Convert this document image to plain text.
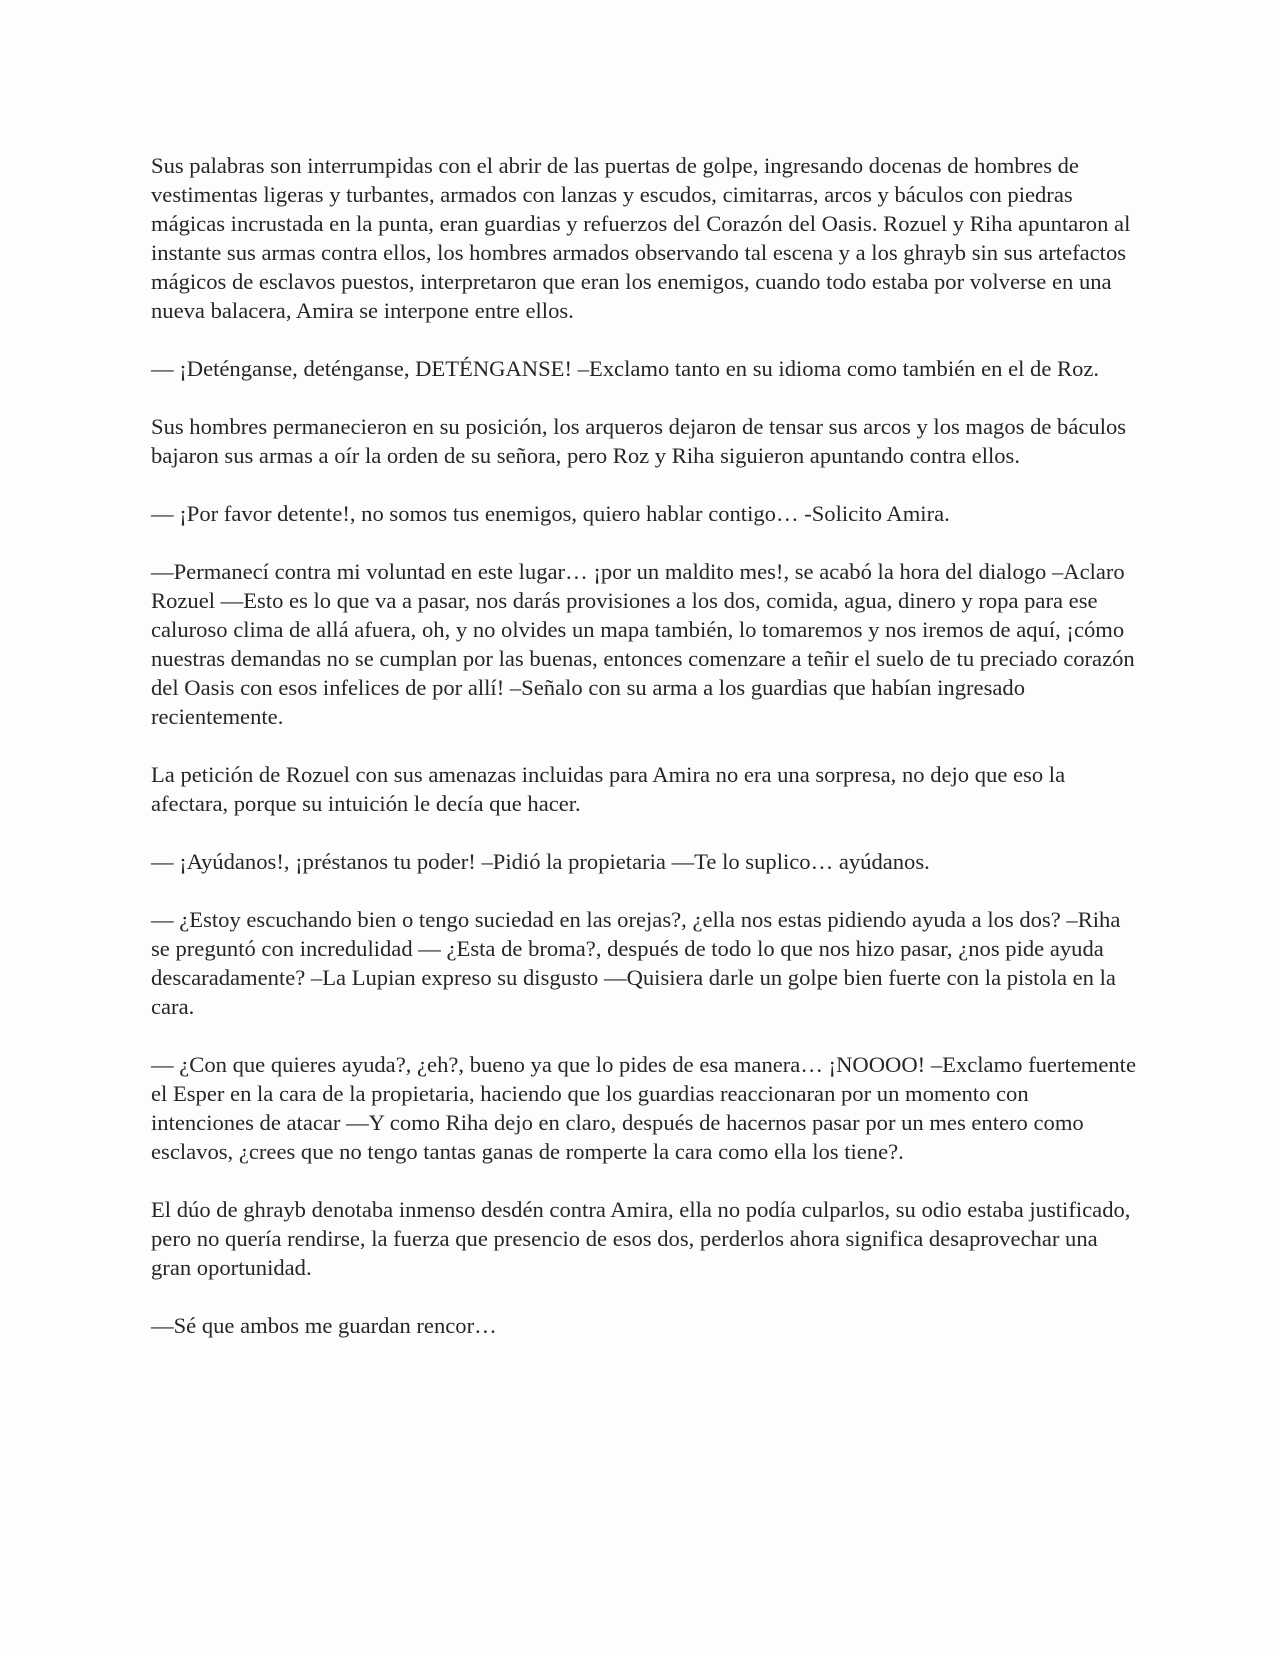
Sus palabras son interrumpidas con el abrir de las puertas de golpe, ingresando docenas de hombres de vestimentas ligeras y turbantes, armados con lanzas y escudos, cimitarras, arcos y báculos con piedras mágicas incrustada en la punta, eran guardias y refuerzos del Corazón del Oasis. Rozuel y Riha apuntaron al instante sus armas contra ellos, los hombres armados observando tal escena y a los ghrayb sin sus artefactos mágicos de esclavos puestos, interpretaron que eran los enemigos, cuando todo estaba por volverse en una nueva balacera, Amira se interpone entre ellos.

— ¡Deténganse, deténganse, DETÉNGANSE! –Exclamo tanto en su idioma como también en el de Roz.

Sus hombres permanecieron en su posición, los arqueros dejaron de tensar sus arcos y los magos de báculos bajaron sus armas a oír la orden de su señora, pero Roz y Riha siguieron apuntando contra ellos.

— ¡Por favor detente!, no somos tus enemigos, quiero hablar contigo… -Solicito Amira.

—Permanecí contra mi voluntad en este lugar… ¡por un maldito mes!, se acabó la hora del dialogo –Aclaro Rozuel —Esto es lo que va a pasar, nos darás provisiones a los dos, comida, agua, dinero y ropa para ese caluroso clima de allá afuera, oh, y no olvides un mapa también, lo tomaremos y nos iremos de aquí, ¡cómo nuestras demandas no se cumplan por las buenas, entonces comenzare a teñir el suelo de tu preciado corazón del Oasis con esos infelices de por allí! –Señalo con su arma a los guardias que habían ingresado recientemente.

La petición de Rozuel con sus amenazas incluidas para Amira no era una sorpresa, no dejo que eso la afectara, porque su intuición le decía que hacer.

— ¡Ayúdanos!, ¡préstanos tu poder! –Pidió la propietaria —Te lo suplico… ayúdanos.

— ¿Estoy escuchando bien o tengo suciedad en las orejas?, ¿ella nos estas pidiendo ayuda a los dos? –Riha se preguntó con incredulidad — ¿Esta de broma?, después de todo lo que nos hizo pasar, ¿nos pide ayuda descaradamente? –La Lupian expreso su disgusto —Quisiera darle un golpe bien fuerte con la pistola en la cara.

— ¿Con que quieres ayuda?, ¿eh?, bueno ya que lo pides de esa manera… ¡NOOOO! –Exclamo fuertemente el Esper en la cara de la propietaria, haciendo que los guardias reaccionaran por un momento con intenciones de atacar —Y como Riha dejo en claro, después de hacernos pasar por un mes entero como esclavos, ¿crees que no tengo tantas ganas de romperte la cara como ella los tiene?.

El dúo de ghrayb denotaba inmenso desdén contra Amira, ella no podía culparlos, su odio estaba justificado, pero no quería rendirse, la fuerza que presencio de esos dos, perderlos ahora significa desaprovechar una gran oportunidad.

—Sé que ambos me guardan rencor…
